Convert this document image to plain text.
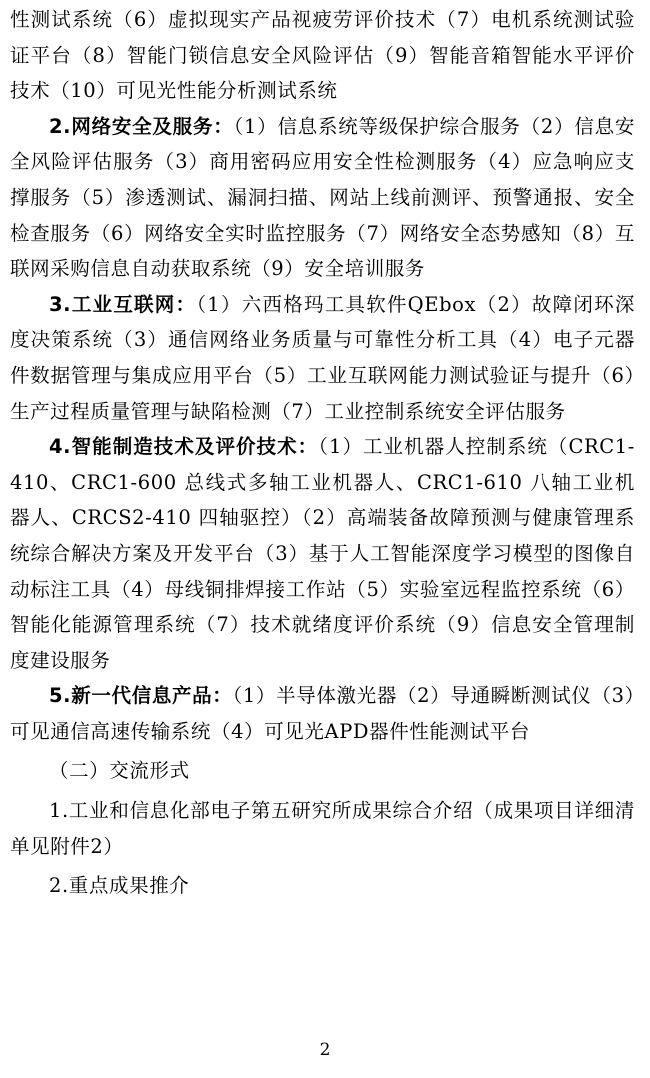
性测试系统（6）虚拟现实产品视疲劳评价技术（7）电机系统测试验证平台（8）智能门锁信息安全风险评估（9）智能音箱智能水平评价技术（10）可见光性能分析测试系统

2.网络安全及服务：（1）信息系统等级保护综合服务（2）信息安全风险评估服务（3）商用密码应用安全性检测服务（4）应急响应支撑服务（5）渗透测试、漏洞扫描、网站上线前测评、预警通报、安全检查服务（6）网络安全实时监控服务（7）网络安全态势感知（8）互联网采购信息自动获取系统（9）安全培训服务

3.工业互联网：（1）六西格玛工具软件QEbox（2）故障闭环深度决策系统（3）通信网络业务质量与可靠性分析工具（4）电子元器件数据管理与集成应用平台（5）工业互联网能力测试验证与提升（6）生产过程质量管理与缺陷检测（7）工业控制系统安全评估服务

4.智能制造技术及评价技术：（1）工业机器人控制系统（CRC1-410、CRC1-600 总线式多轴工业机器人、CRC1-610 八轴工业机器人、CRCS2-410 四轴驱控）（2）高端装备故障预测与健康管理系统综合解决方案及开发平台（3）基于人工智能深度学习模型的图像自动标注工具（4）母线铜排焊接工作站（5）实验室远程监控系统（6）智能化能源管理系统（7）技术就绪度评价系统（9）信息安全管理制度建设服务

5.新一代信息产品：（1）半导体激光器（2）导通瞬断测试仪（3）可见通信高速传输系统（4）可见光APD器件性能测试平台

（二）交流形式

1.工业和信息化部电子第五研究所成果综合介绍（成果项目详细清单见附件2）

2.重点成果推介

2
